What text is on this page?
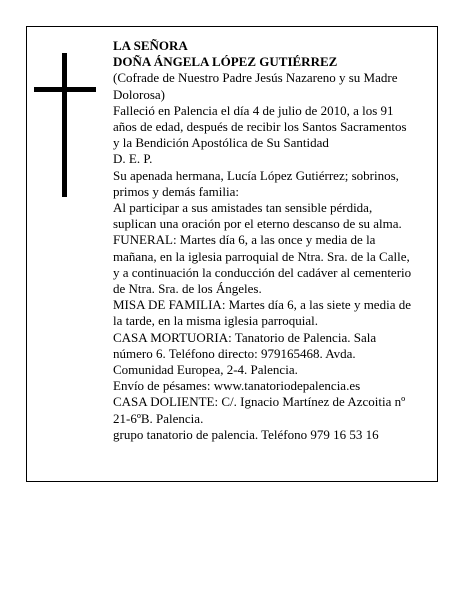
LA SEÑORA

DOÑA ÁNGELA LÓPEZ GUTIÉRREZ

(Cofrade de Nuestro Padre Jesús Nazareno y su Madre Dolorosa)

Falleció en Palencia el día 4 de julio de 2010, a los 91 años de edad, después de recibir los Santos Sacramentos y la Bendición Apostólica de Su Santidad

D. E. P.

Su apenada hermana, Lucía López Gutiérrez; sobrinos, primos y demás familia:

Al participar a sus amistades tan sensible pérdida, suplican una oración por el eterno descanso de su alma.

FUNERAL: Martes día 6, a las once y media de la mañana, en la iglesia parroquial de Ntra. Sra. de la Calle, y a continuación la conducción del cadáver al cementerio de Ntra. Sra. de los Ángeles.

MISA DE FAMILIA: Martes día 6, a las siete y media de la tarde, en la misma iglesia parroquial.

CASA MORTUORIA: Tanatorio de Palencia. Sala número 6. Teléfono directo: 979165468. Avda. Comunidad Europea, 2-4. Palencia.

Envío de pésames: www.tanatoriodepalencia.es

CASA DOLIENTE: C/. Ignacio Martínez de Azcoitia nº 21-6ºB. Palencia.

grupo tanatorio de palencia. Teléfono 979 16 53 16
